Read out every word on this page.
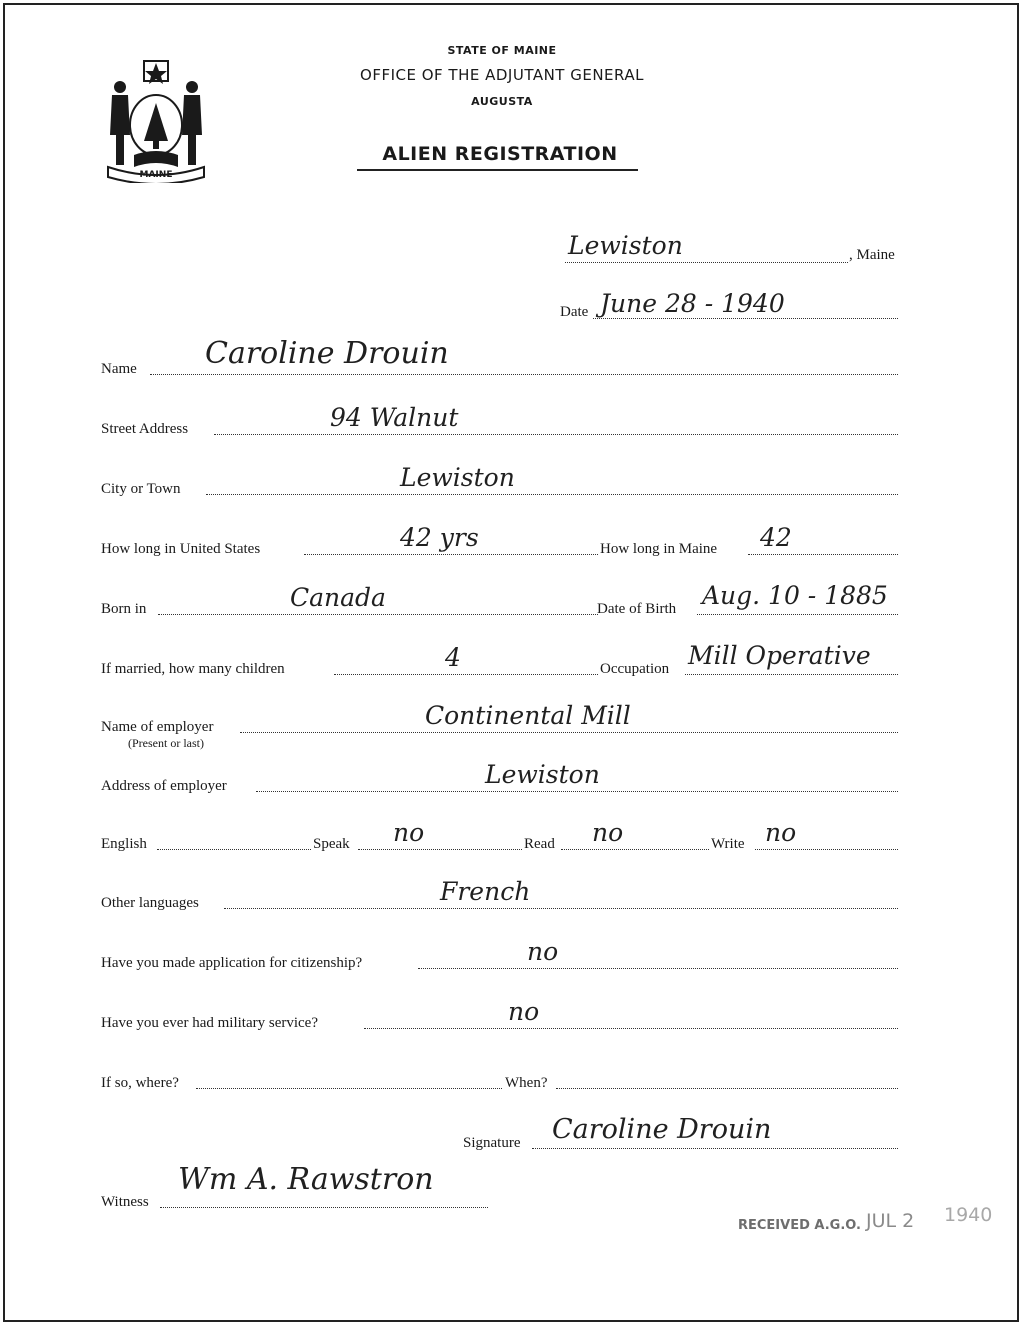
MAINE
STATE OF MAINE
OFFICE OF THE ADJUTANT GENERAL
AUGUSTA
ALIEN REGISTRATION
Lewiston	, Maine
Date June 28 - 1940
Name Caroline Drouin
Street Address	94 Walnut
City or Town	Lewiston
How long in United States	42 yrs	How long in Maine 42
Born in	Canada	Date of Birth Aug. 10 - 1885
If married, how many children	4	Occupation Mill Operative
Name of employer
(Present or last)
Continental Mill
Address of employer	Lewiston
English	Speak no	Read no	Write no
Other languages	French
Have you made application for citizenship?	no
Have you ever had military service?	no
If so, where?	When?
Signature Caroline Drouin
Witness
Wm A. Rawstron
RECEIVED A.G.O. JUL 2 1940
